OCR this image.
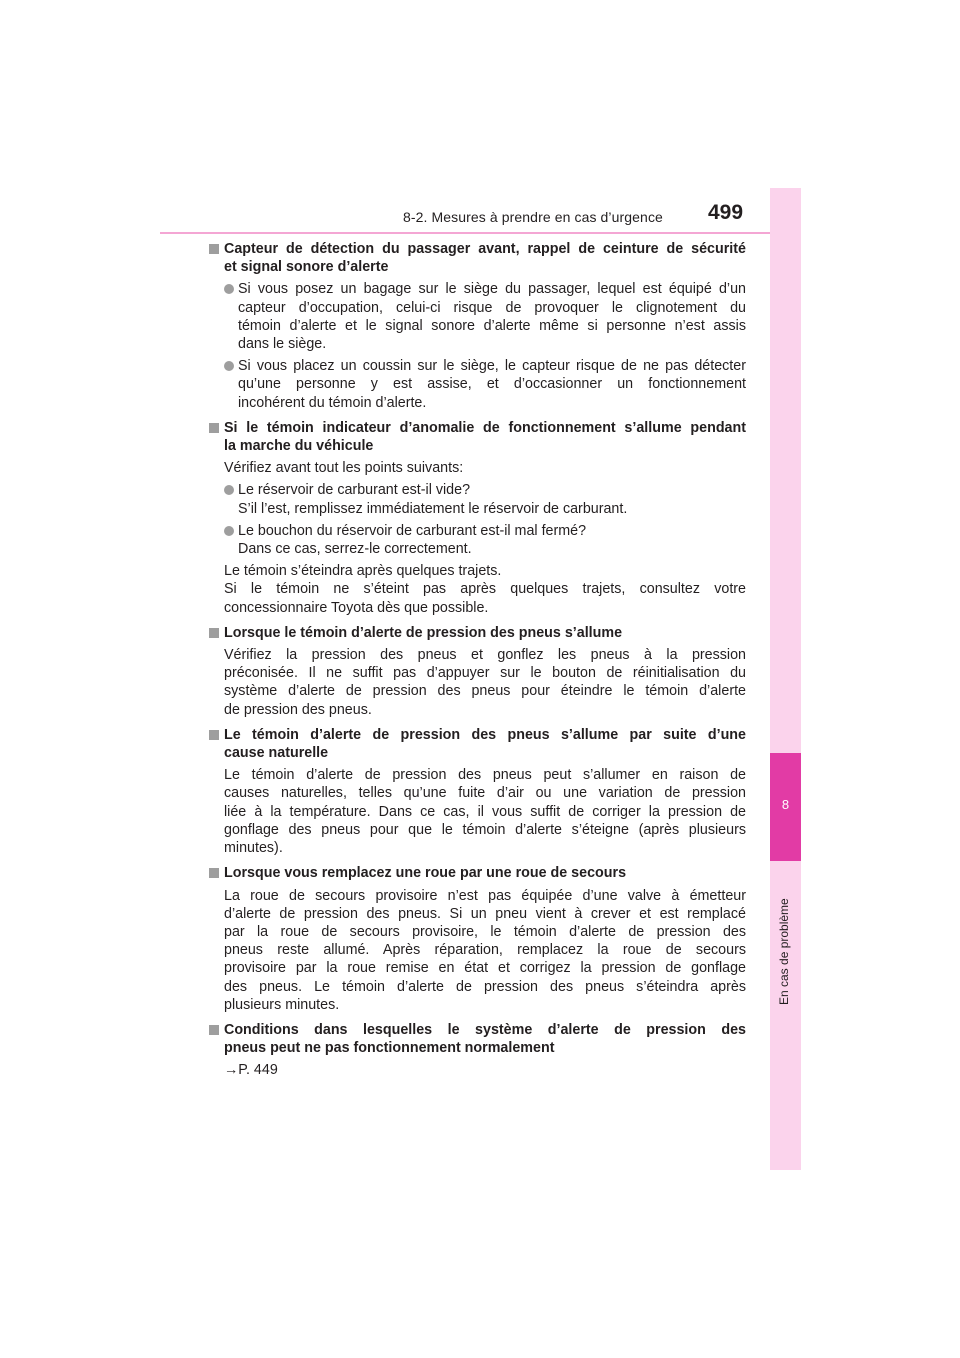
8-2. Mesures à prendre en cas d’urgence 499
8
En cas de problème
Capteur de détection du passager avant, rappel de ceinture de sécurité
et signal sonore d’alerte
Si vous posez un bagage sur le siège du passager, lequel est équipé d’un
capteur d’occupation, celui-ci risque de provoquer le clignotement du
témoin d’alerte et le signal sonore d’alerte même si personne n’est assis
dans le siège.
Si vous placez un coussin sur le siège, le capteur risque de ne pas détecter
qu’une personne y est assise, et d’occasionner un fonctionnement
incohérent du témoin d’alerte.
Si le témoin indicateur d’anomalie de fonctionnement s’allume pendant
la marche du véhicule
Vérifiez avant tout les points suivants:
Le réservoir de carburant est-il vide?
S’il l’est, remplissez immédiatement le réservoir de carburant.
Le bouchon du réservoir de carburant est-il mal fermé?
Dans ce cas, serrez-le correctement.
Le témoin s’éteindra après quelques trajets.
Si le témoin ne s’éteint pas après quelques trajets, consultez votre
concessionnaire Toyota dès que possible.
Lorsque le témoin d’alerte de pression des pneus s’allume
Vérifiez la pression des pneus et gonflez les pneus à la pression
préconisée. Il ne suffit pas d’appuyer sur le bouton de réinitialisation du
système d’alerte de pression des pneus pour éteindre le témoin d’alerte
de pression des pneus.
Le témoin d’alerte de pression des pneus s’allume par suite d’une
cause naturelle
Le témoin d’alerte de pression des pneus peut s’allumer en raison de
causes naturelles, telles qu’une fuite d’air ou une variation de pression
liée à la température. Dans ce cas, il vous suffit de corriger la pression de
gonflage des pneus pour que le témoin d’alerte s’éteigne (après plusieurs
minutes).
Lorsque vous remplacez une roue par une roue de secours
La roue de secours provisoire n’est pas équipée d’une valve à émetteur
d’alerte de pression des pneus. Si un pneu vient à crever et est remplacé
par la roue de secours provisoire, le témoin d’alerte de pression des
pneus reste allumé. Après réparation, remplacez la roue de secours
provisoire par la roue remise en état et corrigez la pression de gonflage
des pneus. Le témoin d’alerte de pression des pneus s’éteindra après
plusieurs minutes.
Conditions dans lesquelles le système d’alerte de pression des
pneus peut ne pas fonctionnement normalement
→P. 449
